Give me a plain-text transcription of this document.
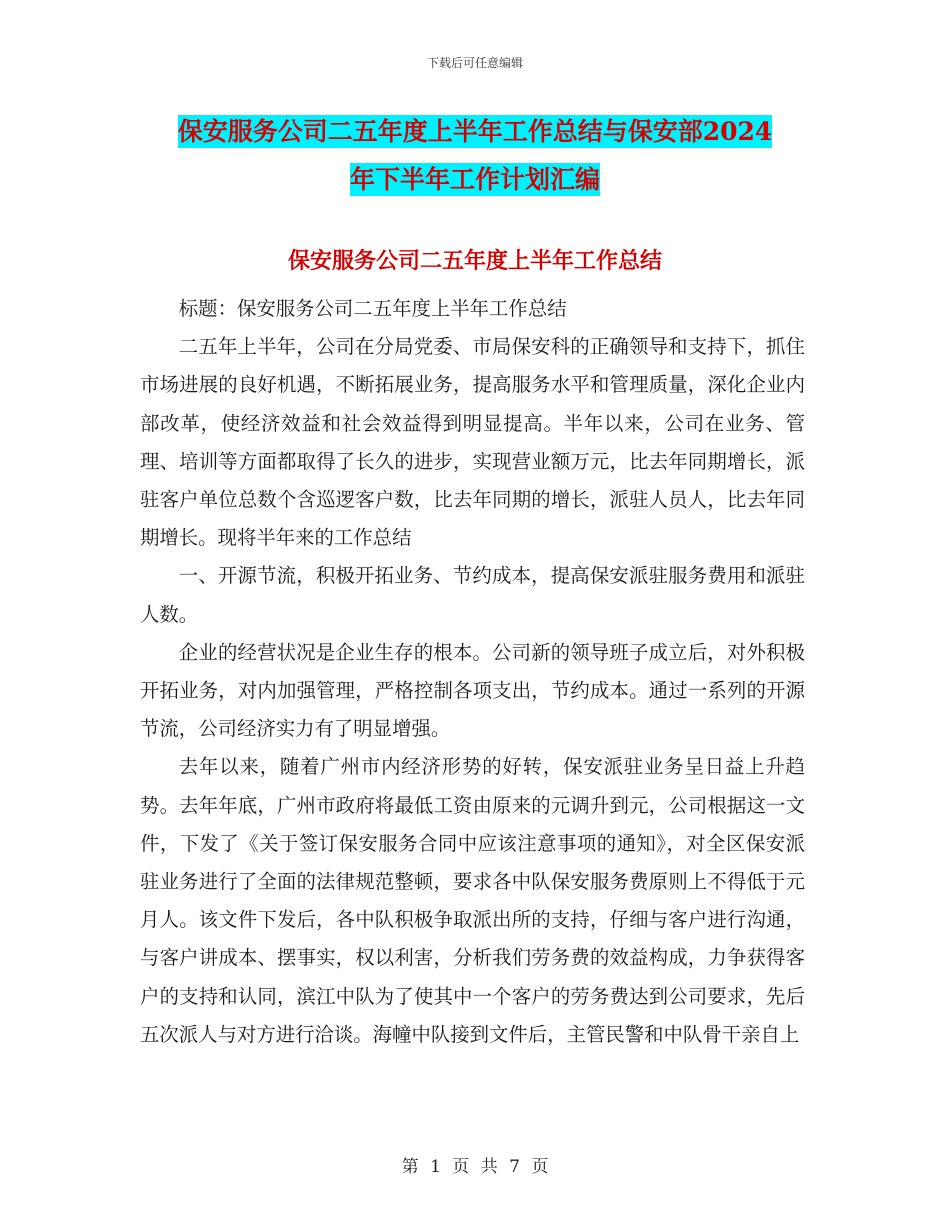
下载后可任意编辑
保安服务公司二五年度上半年工作总结与保安部2024
年下半年工作计划汇编
保安服务公司二五年度上半年工作总结

标题：保安服务公司二五年度上半年工作总结

二五年上半年，公司在分局党委、市局保安科的正确领导和支持下，抓住市场进展的良好机遇，不断拓展业务，提高服务水平和管理质量，深化企业内部改革，使经济效益和社会效益得到明显提高。半年以来，公司在业务、管理、培训等方面都取得了长久的进步，实现营业额万元，比去年同期增长，派驻客户单位总数个含巡逻客户数，比去年同期的增长，派驻人员人，比去年同期增长。现将半年来的工作总结

一、开源节流，积极开拓业务、节约成本，提高保安派驻服务费用和派驻人数。

企业的经营状况是企业生存的根本。公司新的领导班子成立后，对外积极开拓业务，对内加强管理，严格控制各项支出，节约成本。通过一系列的开源节流，公司经济实力有了明显增强。

去年以来，随着广州市内经济形势的好转，保安派驻业务呈日益上升趋势。去年年底，广州市政府将最低工资由原来的元调升到元，公司根据这一文件，下发了《关于签订保安服务合同中应该注意事项的通知》，对全区保安派驻业务进行了全面的法律规范整顿，要求各中队保安服务费原则上不得低于元月人。该文件下发后，各中队积极争取派出所的支持，仔细与客户进行沟通，与客户讲成本、摆事实，权以利害，分析我们劳务费的效益构成，力争获得客户的支持和认同，滨江中队为了使其中一个客户的劳务费达到公司要求，先后五次派人与对方进行洽谈。海幢中队接到文件后，主管民警和中队骨干亲自上

第 1 页 共 7 页
